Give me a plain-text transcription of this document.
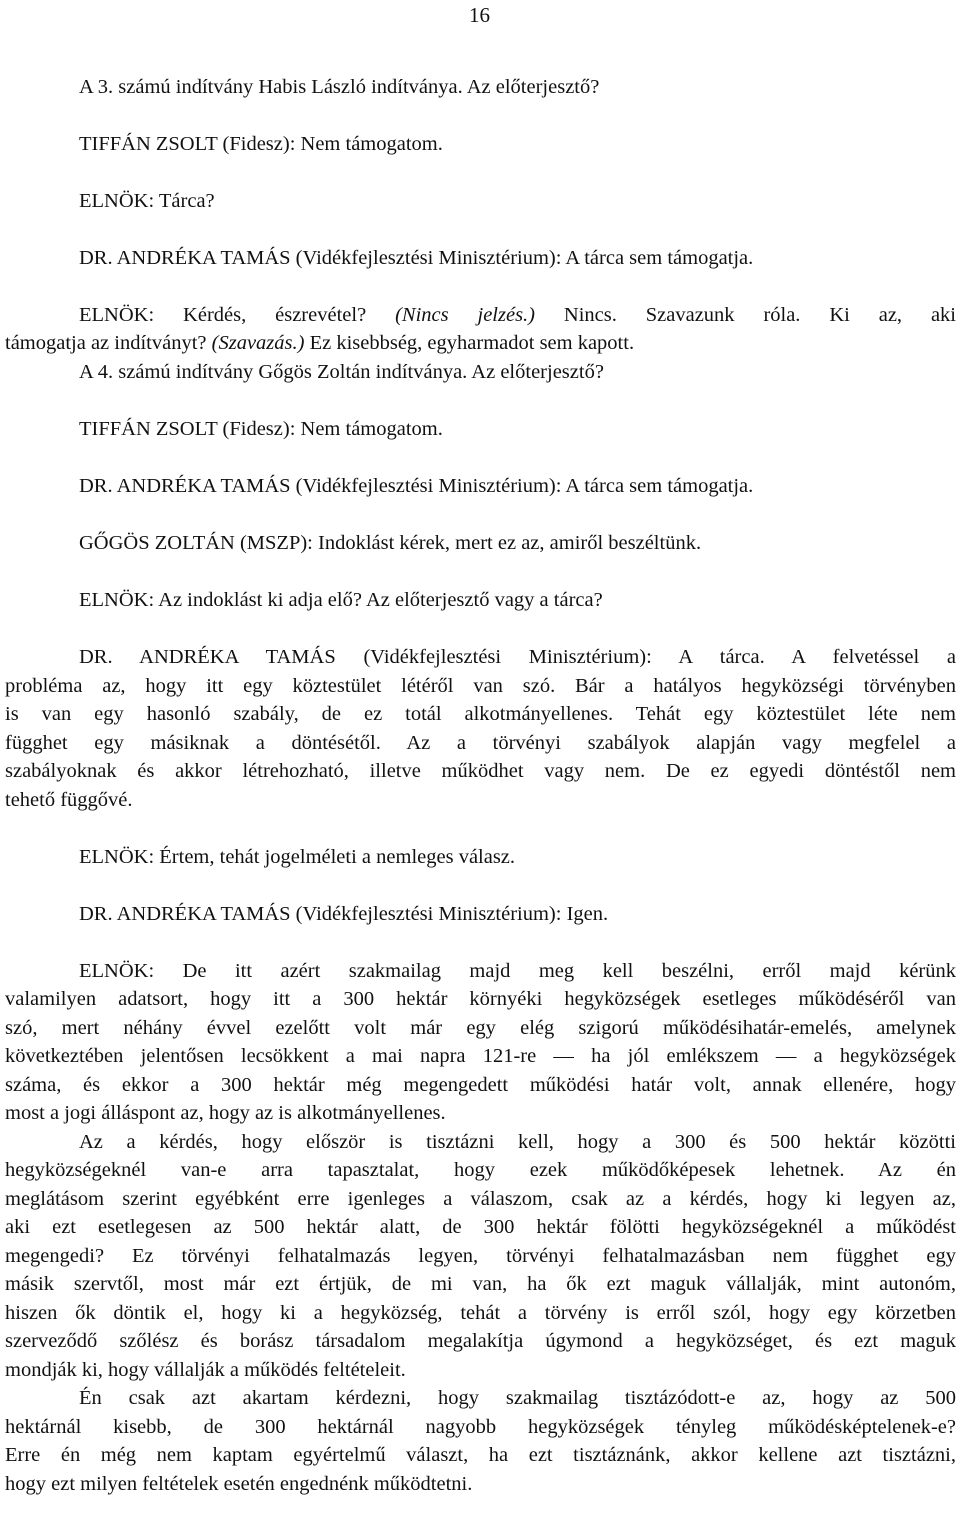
16
A 3. számú indítvány Habis László indítványa. Az előterjesztő?
TIFFÁN ZSOLT (Fidesz): Nem támogatom.
ELNÖK: Tárca?
DR. ANDRÉKA TAMÁS (Vidékfejlesztési Minisztérium): A tárca sem támogatja.
ELNÖK: Kérdés, észrevétel? (Nincs jelzés.) Nincs. Szavazunk róla. Ki az, aki
támogatja az indítványt? (Szavazás.) Ez kisebbség, egyharmadot sem kapott.
A 4. számú indítvány Gőgös Zoltán indítványa. Az előterjesztő?
TIFFÁN ZSOLT (Fidesz): Nem támogatom.
DR. ANDRÉKA TAMÁS (Vidékfejlesztési Minisztérium): A tárca sem támogatja.
GŐGÖS ZOLTÁN (MSZP): Indoklást kérek, mert ez az, amiről beszéltünk.
ELNÖK: Az indoklást ki adja elő? Az előterjesztő vagy a tárca?
DR. ANDRÉKA TAMÁS (Vidékfejlesztési Minisztérium): A tárca. A felvetéssel a
probléma az, hogy itt egy köztestület létéről van szó. Bár a hatályos hegyközségi törvényben
is van egy hasonló szabály, de ez totál alkotmányellenes. Tehát egy köztestület léte nem
függhet egy másiknak a döntésétől. Az a törvényi szabályok alapján vagy megfelel a
szabályoknak és akkor létrehozható, illetve működhet vagy nem. De ez egyedi döntéstől nem
tehető függővé.
ELNÖK: Értem, tehát jogelméleti a nemleges válasz.
DR. ANDRÉKA TAMÁS (Vidékfejlesztési Minisztérium): Igen.
ELNÖK: De itt azért szakmailag majd meg kell beszélni, erről majd kérünk
valamilyen adatsort, hogy itt a 300 hektár környéki hegyközségek esetleges működéséről van
szó, mert néhány évvel ezelőtt volt már egy elég szigorú működésihatár-emelés, amelynek
következtében jelentősen lecsökkent a mai napra 121-re — ha jól emlékszem — a hegyközségek
száma, és ekkor a 300 hektár még megengedett működési határ volt, annak ellenére, hogy
most a jogi álláspont az, hogy az is alkotmányellenes.
Az a kérdés, hogy először is tisztázni kell, hogy a 300 és 500 hektár közötti
hegyközségeknél van-e arra tapasztalat, hogy ezek működőképesek lehetnek. Az én
meglátásom szerint egyébként erre igenleges a válaszom, csak az a kérdés, hogy ki legyen az,
aki ezt esetlegesen az 500 hektár alatt, de 300 hektár fölötti hegyközségeknél a működést
megengedi? Ez törvényi felhatalmazás legyen, törvényi felhatalmazásban nem függhet egy
másik szervtől, most már ezt értjük, de mi van, ha ők ezt maguk vállalják, mint autonóm,
hiszen ők döntik el, hogy ki a hegyközség, tehát a törvény is erről szól, hogy egy körzetben
szerveződő szőlész és borász társadalom megalakítja úgymond a hegyközséget, és ezt maguk
mondják ki, hogy vállalják a működés feltételeit.
Én csak azt akartam kérdezni, hogy szakmailag tisztázódott-e az, hogy az 500
hektárnál kisebb, de 300 hektárnál nagyobb hegyközségek tényleg működésképtelenek-e?
Erre én még nem kaptam egyértelmű választ, ha ezt tisztáznánk, akkor kellene azt tisztázni,
hogy ezt milyen feltételek esetén engednénk működtetni.
